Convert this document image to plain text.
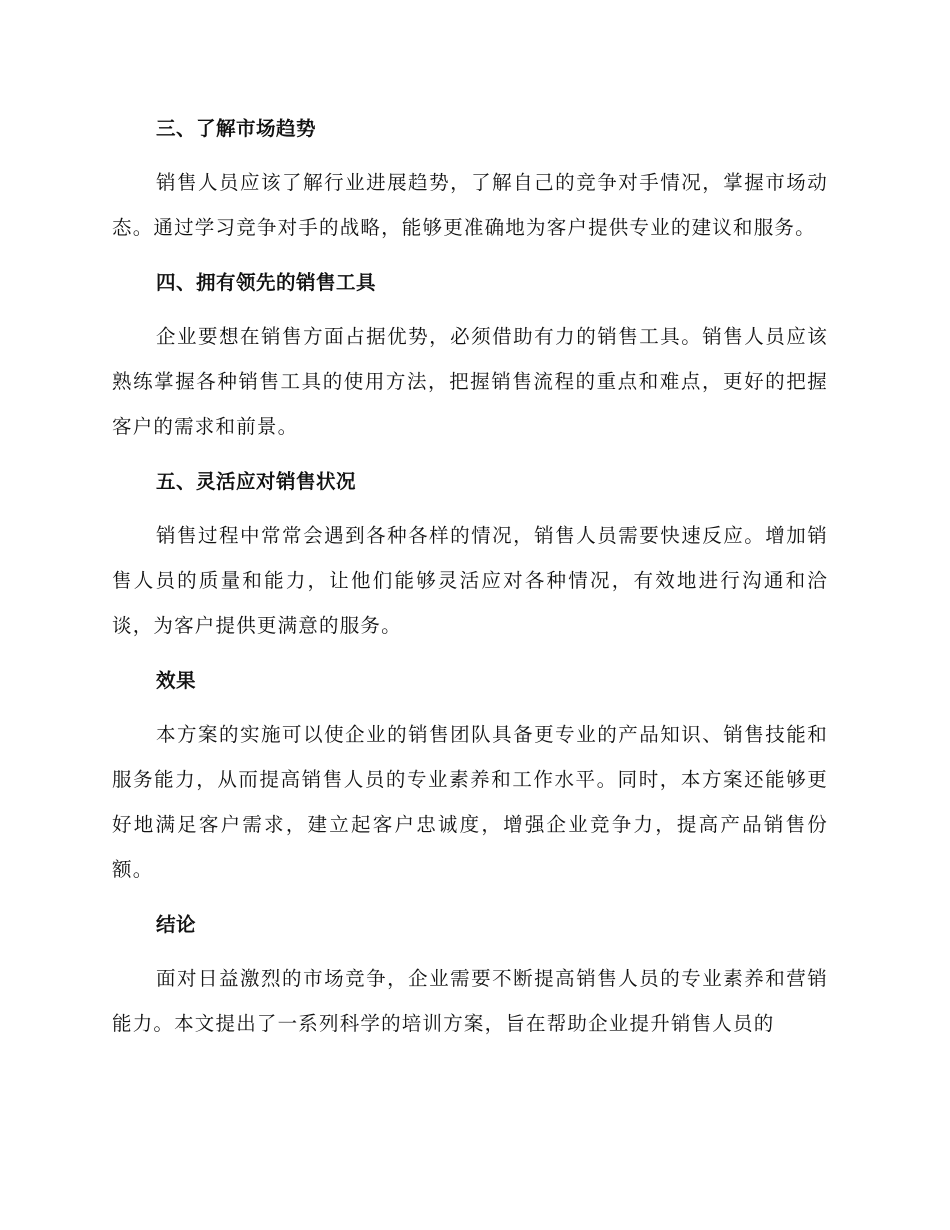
三、了解市场趋势

销售人员应该了解行业进展趋势，了解自己的竞争对手情况，掌握市场动态。通过学习竞争对手的战略，能够更准确地为客户提供专业的建议和服务。

四、拥有领先的销售工具

企业要想在销售方面占据优势，必须借助有力的销售工具。销售人员应该熟练掌握各种销售工具的使用方法，把握销售流程的重点和难点，更好的把握客户的需求和前景。

五、灵活应对销售状况

销售过程中常常会遇到各种各样的情况，销售人员需要快速反应。增加销售人员的质量和能力，让他们能够灵活应对各种情况，有效地进行沟通和洽谈，为客户提供更满意的服务。

效果

本方案的实施可以使企业的销售团队具备更专业的产品知识、销售技能和服务能力，从而提高销售人员的专业素养和工作水平。同时，本方案还能够更好地满足客户需求，建立起客户忠诚度，增强企业竞争力，提高产品销售份额。

结论

面对日益激烈的市场竞争，企业需要不断提高销售人员的专业素养和营销能力。本文提出了一系列科学的培训方案，旨在帮助企业提升销售人员的
